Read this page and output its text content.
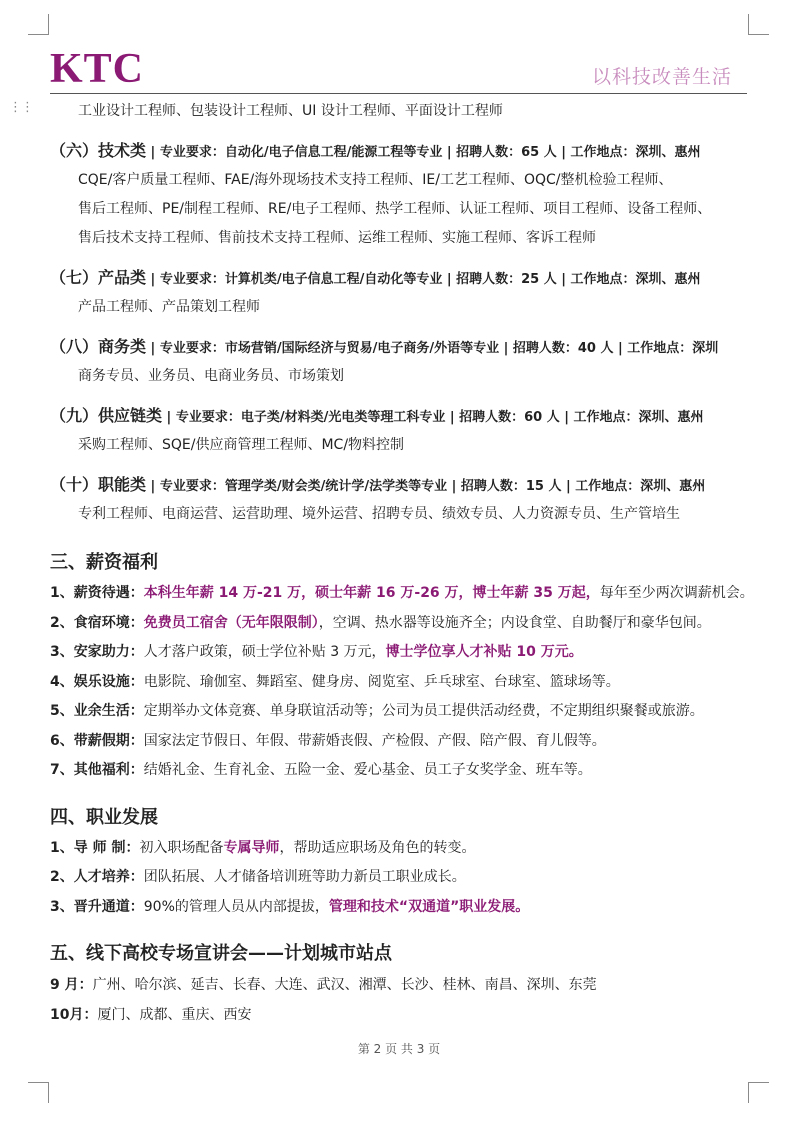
KTC	以科技改善生活
⋮⋮	工业设计工程师、包装设计工程师、UI 设计工程师、平面设计工程师
（六）技术类 | 专业要求：自动化/电子信息工程/能源工程等专业 | 招聘人数：65 人 | 工作地点：深圳、惠州
CQE/客户质量工程师、FAE/海外现场技术支持工程师、IE/工艺工程师、OQC/整机检验工程师、
售后工程师、PE/制程工程师、RE/电子工程师、热学工程师、认证工程师、项目工程师、设备工程师、
售后技术支持工程师、售前技术支持工程师、运维工程师、实施工程师、客诉工程师
（七）产品类 | 专业要求：计算机类/电子信息工程/自动化等专业 | 招聘人数：25 人 | 工作地点：深圳、惠州
产品工程师、产品策划工程师
（八）商务类 | 专业要求：市场营销/国际经济与贸易/电子商务/外语等专业 | 招聘人数：40 人 | 工作地点：深圳
商务专员、业务员、电商业务员、市场策划
（九）供应链类 | 专业要求：电子类/材料类/光电类等理工科专业 | 招聘人数：60 人 | 工作地点：深圳、惠州
采购工程师、SQE/供应商管理工程师、MC/物料控制
（十）职能类 | 专业要求：管理学类/财会类/统计学/法学类等专业 | 招聘人数：15 人 | 工作地点：深圳、惠州
专利工程师、电商运营、运营助理、境外运营、招聘专员、绩效专员、人力资源专员、生产管培生
三、薪资福利
1、薪资待遇：本科生年薪 14 万-21 万，硕士年薪 16 万-26 万，博士年薪 35 万起，每年至少两次调薪机会。
2、食宿环境：免费员工宿舍（无年限限制），空调、热水器等设施齐全；内设食堂、自助餐厅和豪华包间。
3、安家助力：人才落户政策，硕士学位补贴 3 万元，博士学位享人才补贴 10 万元。
4、娱乐设施：电影院、瑜伽室、舞蹈室、健身房、阅览室、乒乓球室、台球室、篮球场等。
5、业余生活：定期举办文体竞赛、单身联谊活动等；公司为员工提供活动经费，不定期组织聚餐或旅游。
6、带薪假期：国家法定节假日、年假、带薪婚丧假、产检假、产假、陪产假、育儿假等。
7、其他福利：结婚礼金、生育礼金、五险一金、爱心基金、员工子女奖学金、班车等。
四、职业发展
1、导 师 制：初入职场配备专属导师，帮助适应职场及角色的转变。
2、人才培养：团队拓展、人才储备培训班等助力新员工职业成长。
3、晋升通道：90%的管理人员从内部提拔，管理和技术“双通道”职业发展。
五、线下高校专场宣讲会——计划城市站点
9 月：广州、哈尔滨、延吉、长春、大连、武汉、湘潭、长沙、桂林、南昌、深圳、东莞
10月：厦门、成都、重庆、西安
第 2 页 共 3 页
